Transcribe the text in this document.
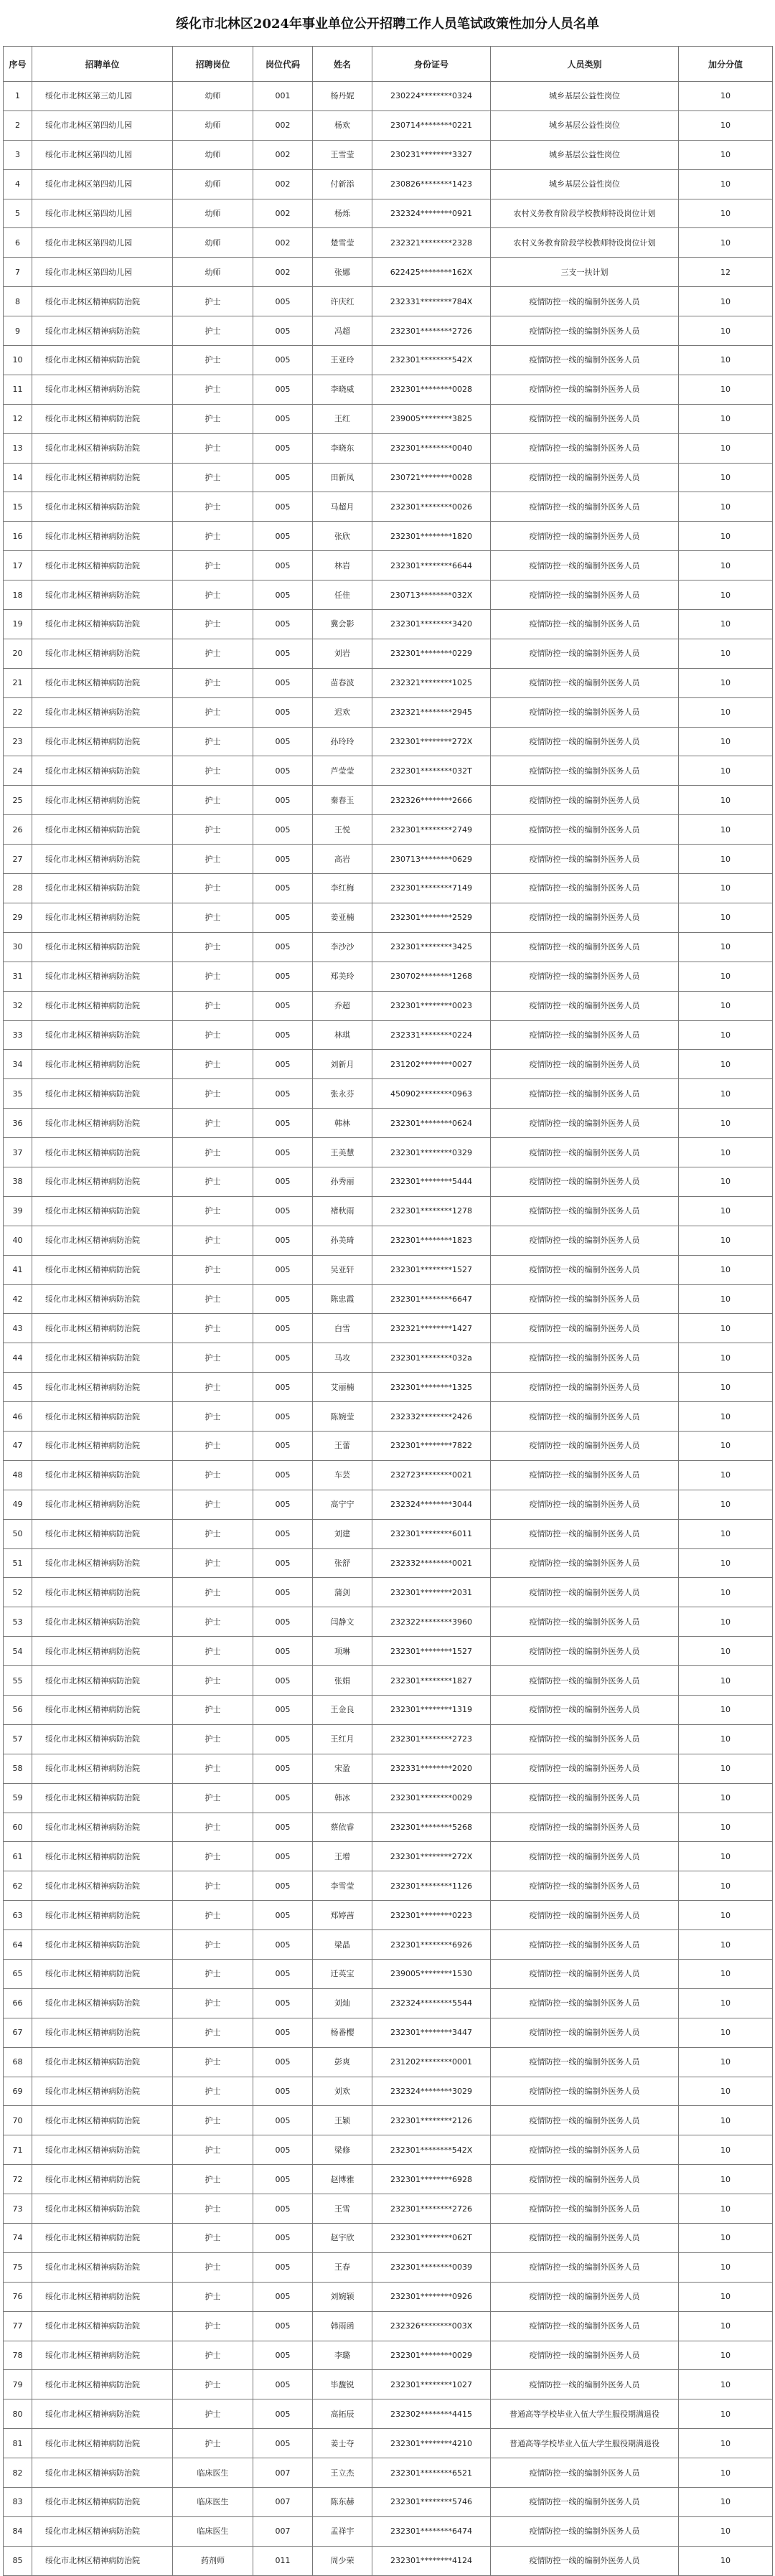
绥化市北林区2024年事业单位公开招聘工作人员笔试政策性加分人员名单
序号	招聘单位	招聘岗位	岗位代码	姓名	身份证号	人员类别	加分分值
1	绥化市北林区第三幼儿园	幼师	001	杨丹妮	230224********0324	城乡基层公益性岗位	10
2	绥化市北林区第四幼儿园	幼师	002	杨欢	230714********0221	城乡基层公益性岗位	10
3	绥化市北林区第四幼儿园	幼师	002	王雪莹	230231********3327	城乡基层公益性岗位	10
4	绥化市北林区第四幼儿园	幼师	002	付新添	230826********1423	城乡基层公益性岗位	10
5	绥化市北林区第四幼儿园	幼师	002	杨烁	232324********0921	农村义务教育阶段学校教师特设岗位计划	10
6	绥化市北林区第四幼儿园	幼师	002	楚雪莹	232321********2328	农村义务教育阶段学校教师特设岗位计划	10
7	绥化市北林区第四幼儿园	幼师	002	张娜	622425********162X	三支一扶计划	12
8	绥化市北林区精神病防治院	护士	005	许庆红	232331********784X	疫情防控一线的编制外医务人员	10
9	绥化市北林区精神病防治院	护士	005	冯超	232301********2726	疫情防控一线的编制外医务人员	10
10	绥化市北林区精神病防治院	护士	005	王亚玲	232301********542X	疫情防控一线的编制外医务人员	10
11	绥化市北林区精神病防治院	护士	005	李晓威	232301********0028	疫情防控一线的编制外医务人员	10
12	绥化市北林区精神病防治院	护士	005	王红	239005********3825	疫情防控一线的编制外医务人员	10
13	绥化市北林区精神病防治院	护士	005	李晓东	232301********0040	疫情防控一线的编制外医务人员	10
14	绥化市北林区精神病防治院	护士	005	田新凤	230721********0028	疫情防控一线的编制外医务人员	10
15	绥化市北林区精神病防治院	护士	005	马超月	232301********0026	疫情防控一线的编制外医务人员	10
16	绥化市北林区精神病防治院	护士	005	张欣	232301********1820	疫情防控一线的编制外医务人员	10
17	绥化市北林区精神病防治院	护士	005	林岩	232301********6644	疫情防控一线的编制外医务人员	10
18	绥化市北林区精神病防治院	护士	005	任佳	230713********032X	疫情防控一线的编制外医务人员	10
19	绥化市北林区精神病防治院	护士	005	冀会影	232301********3420	疫情防控一线的编制外医务人员	10
20	绥化市北林区精神病防治院	护士	005	刘岩	232301********0229	疫情防控一线的编制外医务人员	10
21	绥化市北林区精神病防治院	护士	005	苗春波	232321********1025	疫情防控一线的编制外医务人员	10
22	绥化市北林区精神病防治院	护士	005	迟欢	232321********2945	疫情防控一线的编制外医务人员	10
23	绥化市北林区精神病防治院	护士	005	孙玲玲	232301********272X	疫情防控一线的编制外医务人员	10
24	绥化市北林区精神病防治院	护士	005	芦莹莹	232301********032T	疫情防控一线的编制外医务人员	10
25	绥化市北林区精神病防治院	护士	005	秦春玉	232326********2666	疫情防控一线的编制外医务人员	10
26	绥化市北林区精神病防治院	护士	005	王悦	232301********2749	疫情防控一线的编制外医务人员	10
27	绥化市北林区精神病防治院	护士	005	高岩	230713********0629	疫情防控一线的编制外医务人员	10
28	绥化市北林区精神病防治院	护士	005	李红梅	232301********7149	疫情防控一线的编制外医务人员	10
29	绥化市北林区精神病防治院	护士	005	姜亚楠	232301********2529	疫情防控一线的编制外医务人员	10
30	绥化市北林区精神病防治院	护士	005	李沙沙	232301********3425	疫情防控一线的编制外医务人员	10
31	绥化市北林区精神病防治院	护士	005	郑美玲	230702********1268	疫情防控一线的编制外医务人员	10
32	绥化市北林区精神病防治院	护士	005	乔超	232301********0023	疫情防控一线的编制外医务人员	10
33	绥化市北林区精神病防治院	护士	005	林琪	232331********0224	疫情防控一线的编制外医务人员	10
34	绥化市北林区精神病防治院	护士	005	刘新月	231202********0027	疫情防控一线的编制外医务人员	10
35	绥化市北林区精神病防治院	护士	005	张永芬	450902********0963	疫情防控一线的编制外医务人员	10
36	绥化市北林区精神病防治院	护士	005	韩林	232301********0624	疫情防控一线的编制外医务人员	10
37	绥化市北林区精神病防治院	护士	005	王美慧	232301********0329	疫情防控一线的编制外医务人员	10
38	绥化市北林区精神病防治院	护士	005	孙秀丽	232301********5444	疫情防控一线的编制外医务人员	10
39	绥化市北林区精神病防治院	护士	005	褚秋雨	232301********1278	疫情防控一线的编制外医务人员	10
40	绥化市北林区精神病防治院	护士	005	孙美琦	232301********1823	疫情防控一线的编制外医务人员	10
41	绥化市北林区精神病防治院	护士	005	吴亚轩	232301********1527	疫情防控一线的编制外医务人员	10
42	绥化市北林区精神病防治院	护士	005	陈忠霞	232301********6647	疫情防控一线的编制外医务人员	10
43	绥化市北林区精神病防治院	护士	005	白雪	232321********1427	疫情防控一线的编制外医务人员	10
44	绥化市北林区精神病防治院	护士	005	马攻	232301********032a	疫情防控一线的编制外医务人员	10
45	绥化市北林区精神病防治院	护士	005	艾丽楠	232301********1325	疫情防控一线的编制外医务人员	10
46	绥化市北林区精神病防治院	护士	005	陈婉莹	232332********2426	疫情防控一线的编制外医务人员	10
47	绥化市北林区精神病防治院	护士	005	王蕾	232301********7822	疫情防控一线的编制外医务人员	10
48	绥化市北林区精神病防治院	护士	005	车芸	232723********0021	疫情防控一线的编制外医务人员	10
49	绥化市北林区精神病防治院	护士	005	高宁宁	232324********3044	疫情防控一线的编制外医务人员	10
50	绥化市北林区精神病防治院	护士	005	刘建	232301********6011	疫情防控一线的编制外医务人员	10
51	绥化市北林区精神病防治院	护士	005	张舒	232332********0021	疫情防控一线的编制外医务人员	10
52	绥化市北林区精神病防治院	护士	005	蒲剑	232301********2031	疫情防控一线的编制外医务人员	10
53	绥化市北林区精神病防治院	护士	005	闫静文	232322********3960	疫情防控一线的编制外医务人员	10
54	绥化市北林区精神病防治院	护士	005	项琳	232301********1527	疫情防控一线的编制外医务人员	10
55	绥化市北林区精神病防治院	护士	005	张娟	232301********1827	疫情防控一线的编制外医务人员	10
56	绥化市北林区精神病防治院	护士	005	王金良	232301********1319	疫情防控一线的编制外医务人员	10
57	绥化市北林区精神病防治院	护士	005	王红月	232301********2723	疫情防控一线的编制外医务人员	10
58	绥化市北林区精神病防治院	护士	005	宋盈	232331********2020	疫情防控一线的编制外医务人员	10
59	绥化市北林区精神病防治院	护士	005	韩冰	232301********0029	疫情防控一线的编制外医务人员	10
60	绥化市北林区精神病防治院	护士	005	蔡依睿	232301********5268	疫情防控一线的编制外医务人员	10
61	绥化市北林区精神病防治院	护士	005	王增	232301********272X	疫情防控一线的编制外医务人员	10
62	绥化市北林区精神病防治院	护士	005	李雪莹	232301********1126	疫情防控一线的编制外医务人员	10
63	绥化市北林区精神病防治院	护士	005	郑婷茜	232301********0223	疫情防控一线的编制外医务人员	10
64	绥化市北林区精神病防治院	护士	005	梁晶	232301********6926	疫情防控一线的编制外医务人员	10
65	绥化市北林区精神病防治院	护士	005	迁英宝	239005********1530	疫情防控一线的编制外医务人员	10
66	绥化市北林区精神病防治院	护士	005	刘灿	232324********5544	疫情防控一线的编制外医务人员	10
67	绥化市北林区精神病防治院	护士	005	杨番樱	232301********3447	疫情防控一线的编制外医务人员	10
68	绥化市北林区精神病防治院	护士	005	彭爽	231202********0001	疫情防控一线的编制外医务人员	10
69	绥化市北林区精神病防治院	护士	005	刘欢	232324********3029	疫情防控一线的编制外医务人员	10
70	绥化市北林区精神病防治院	护士	005	王颖	232301********2126	疫情防控一线的编制外医务人员	10
71	绥化市北林区精神病防治院	护士	005	梁修	232301********542X	疫情防控一线的编制外医务人员	10
72	绥化市北林区精神病防治院	护士	005	赵博雅	232301********6928	疫情防控一线的编制外医务人员	10
73	绥化市北林区精神病防治院	护士	005	王雪	232301********2726	疫情防控一线的编制外医务人员	10
74	绥化市北林区精神病防治院	护士	005	赵宇欣	232301********062T	疫情防控一线的编制外医务人员	10
75	绥化市北林区精神病防治院	护士	005	王春	232301********0039	疫情防控一线的编制外医务人员	10
76	绥化市北林区精神病防治院	护士	005	刘婉颖	232301********0926	疫情防控一线的编制外医务人员	10
77	绥化市北林区精神病防治院	护士	005	韩雨函	232326********003X	疫情防控一线的编制外医务人员	10
78	绥化市北林区精神病防治院	护士	005	李璐	232301********0029	疫情防控一线的编制外医务人员	10
79	绥化市北林区精神病防治院	护士	005	毕馥锐	232301********1027	疫情防控一线的编制外医务人员	10
80	绥化市北林区精神病防治院	护士	005	高拓辰	232302********4415	普通高等学校毕业入伍大学生服役期满退役	10
81	绥化市北林区精神病防治院	护士	005	姜士夺	232301********4210	普通高等学校毕业入伍大学生服役期满退役	10
82	绥化市北林区精神病防治院	临床医生	007	王立杰	232301********6521	疫情防控一线的编制外医务人员	10
83	绥化市北林区精神病防治院	临床医生	007	陈东赫	232301********5746	疫情防控一线的编制外医务人员	10
84	绥化市北林区精神病防治院	临床医生	007	孟祥宇	232301********6474	疫情防控一线的编制外医务人员	10
85	绥化市北林区精神病防治院	药剂师	011	周少荣	232301********4124	疫情防控一线的编制外医务人员	10
